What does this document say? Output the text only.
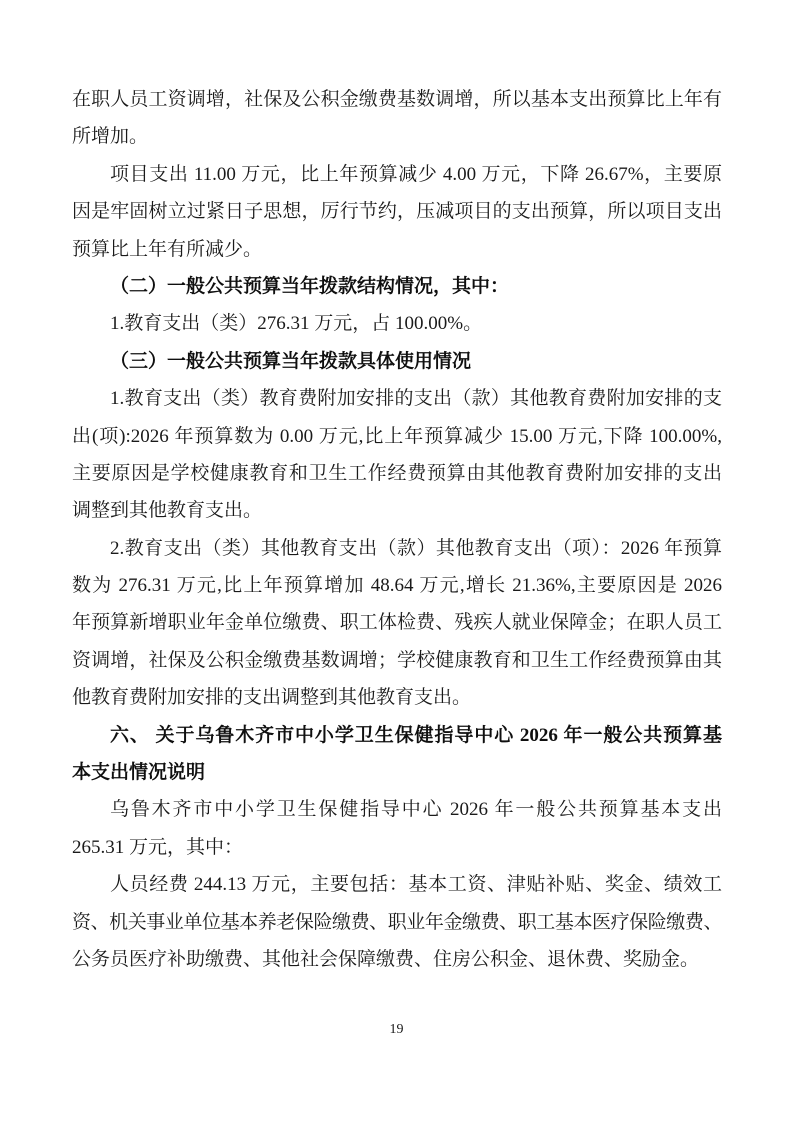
在职人员工资调增，社保及公积金缴费基数调增，所以基本支出预算比上年有
所增加。
项目支出 11.00 万元，比上年预算减少 4.00 万元，下降 26.67%，主要原
因是牢固树立过紧日子思想，厉行节约，压减项目的支出预算，所以项目支出
预算比上年有所减少。
（二）一般公共预算当年拨款结构情况，其中：
1.教育支出（类）276.31 万元，占 100.00%。
（三）一般公共预算当年拨款具体使用情况
1.教育支出（类）教育费附加安排的支出（款）其他教育费附加安排的支
出(项):2026 年预算数为 0.00 万元,比上年预算减少 15.00 万元,下降 100.00%,
主要原因是学校健康教育和卫生工作经费预算由其他教育费附加安排的支出
调整到其他教育支出。
2.教育支出（类）其他教育支出（款）其他教育支出（项）：2026 年预算
数为 276.31 万元,比上年预算增加 48.64 万元,增长 21.36%,主要原因是 2026
年预算新增职业年金单位缴费、职工体检费、残疾人就业保障金；在职人员工
资调增，社保及公积金缴费基数调增；学校健康教育和卫生工作经费预算由其
他教育费附加安排的支出调整到其他教育支出。
六、 关于乌鲁木齐市中小学卫生保健指导中心 2026 年一般公共预算基
本支出情况说明
乌鲁木齐市中小学卫生保健指导中心 2026 年一般公共预算基本支出
265.31 万元，其中：
人员经费 244.13 万元，主要包括：基本工资、津贴补贴、奖金、绩效工
资、机关事业单位基本养老保险缴费、职业年金缴费、职工基本医疗保险缴费、
公务员医疗补助缴费、其他社会保障缴费、住房公积金、退休费、奖励金。
19
